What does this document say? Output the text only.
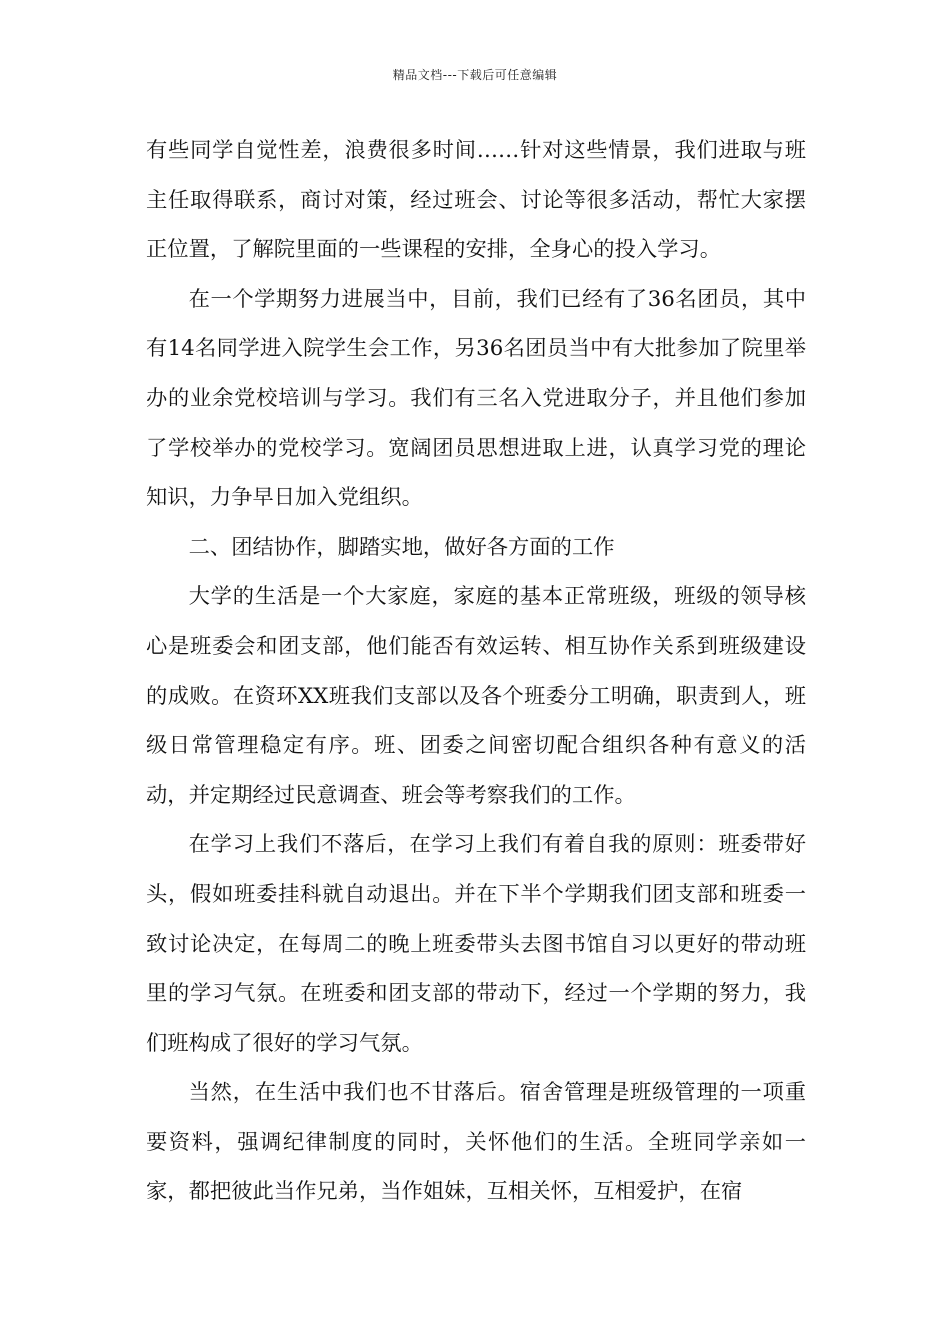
精品文档---下载后可任意编辑

有些同学自觉性差，浪费很多时间……针对这些情景，我们进取与班主任取得联系，商讨对策，经过班会、讨论等很多活动，帮忙大家摆正位置，了解院里面的一些课程的安排，全身心的投入学习。

在一个学期努力进展当中，目前，我们已经有了36名团员，其中有14名同学进入院学生会工作，另36名团员当中有大批参加了院里举办的业余党校培训与学习。我们有三名入党进取分子，并且他们参加了学校举办的党校学习。宽阔团员思想进取上进，认真学习党的理论知识，力争早日加入党组织。

二、团结协作，脚踏实地，做好各方面的工作

大学的生活是一个大家庭，家庭的基本正常班级，班级的领导核心是班委会和团支部，他们能否有效运转、相互协作关系到班级建设的成败。在资环XX班我们支部以及各个班委分工明确，职责到人，班级日常管理稳定有序。班、团委之间密切配合组织各种有意义的活动，并定期经过民意调查、班会等考察我们的工作。

在学习上我们不落后，在学习上我们有着自我的原则：班委带好头，假如班委挂科就自动退出。并在下半个学期我们团支部和班委一致讨论决定，在每周二的晚上班委带头去图书馆自习以更好的带动班里的学习气氛。在班委和团支部的带动下，经过一个学期的努力，我们班构成了很好的学习气氛。

当然，在生活中我们也不甘落后。宿舍管理是班级管理的一项重要资料，强调纪律制度的同时，关怀他们的生活。全班同学亲如一家，都把彼此当作兄弟，当作姐妹，互相关怀，互相爱护，在宿
